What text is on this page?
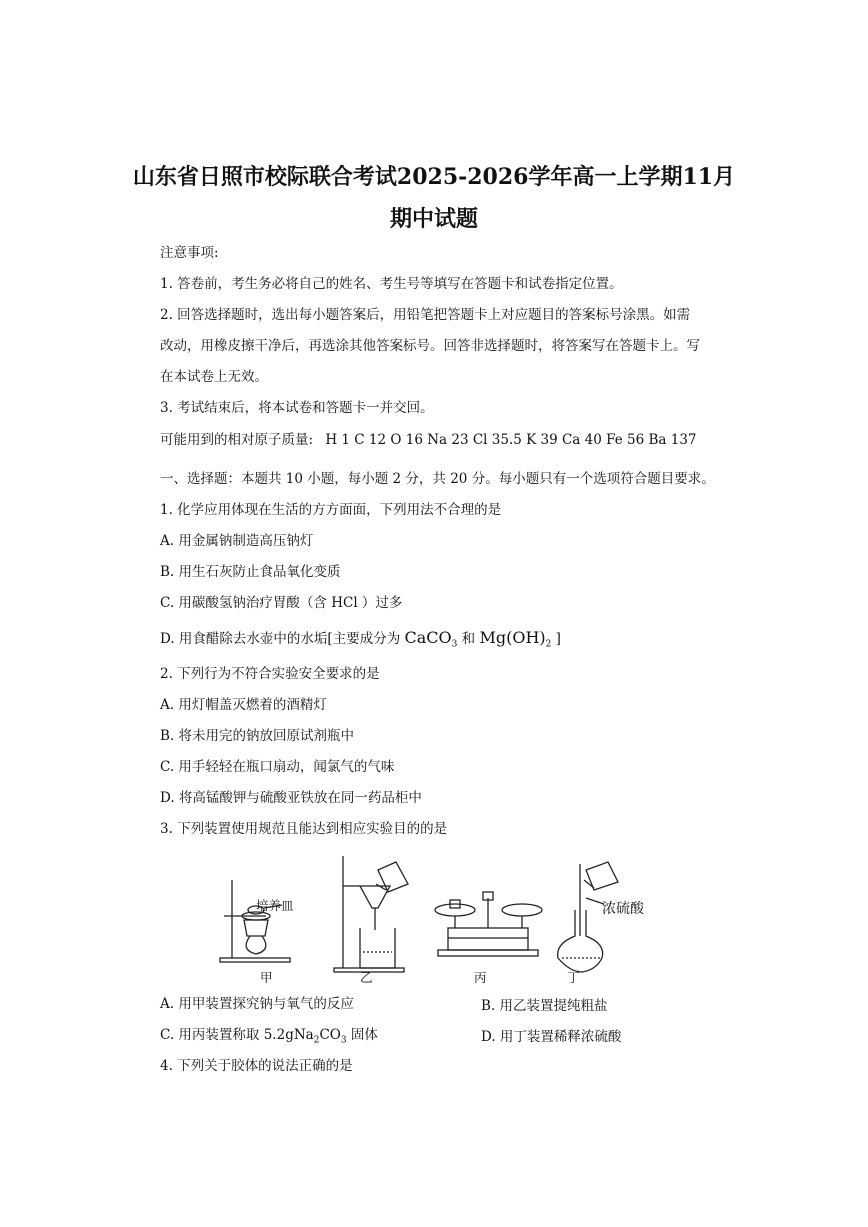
山东省日照市校际联合考试2025-2026学年高一上学期11月
期中试题
注意事项:
1. 答卷前，考生务必将自己的姓名、考生号等填写在答题卡和试卷指定位置。
2. 回答选择题时，选出每小题答案后，用铅笔把答题卡上对应题目的答案标号涂黑。如需
改动，用橡皮擦干净后，再选涂其他答案标号。回答非选择题时，将答案写在答题卡上。写
在本试卷上无效。
3. 考试结束后，将本试卷和答题卡一并交回。
可能用到的相对原子质量: H 1 C 12 O 16 Na 23 Cl 35.5 K 39 Ca 40 Fe 56 Ba 137
一、选择题：本题共 10 小题，每小题 2 分，共 20 分。每小题只有一个选项符合题目要求。
1. 化学应用体现在生活的方方面面，下列用法不合理的是
A. 用金属钠制造高压钠灯
B. 用生石灰防止食品氧化变质
C. 用碳酸氢钠治疗胃酸（含 HCl ）过多
D. 用食醋除去水壶中的水垢[主要成分为 CaCO$_3$ 和 $Mg(OH)_2$ ]
2. 下列行为不符合实验安全要求的是
A. 用灯帽盖灭燃着的酒精灯
B. 将未用完的钠放回原试剂瓶中
C. 用手轻轻在瓶口扇动，闻氯气的气味
D. 将高锰酸钾与硫酸亚铁放在同一药品柜中
3. 下列装置使用规范且能达到相应实验目的的是
培养皿	浓硫酸
甲	乙	丙	丁
A. 用甲装置探究钠与氧气的反应	B. 用乙装置提纯粗盐
C. 用丙装置称取 $5.2gNa_2CO_3$ 固体	D. 用丁装置稀释浓硫酸
4. 下列关于胶体的说法正确的是
